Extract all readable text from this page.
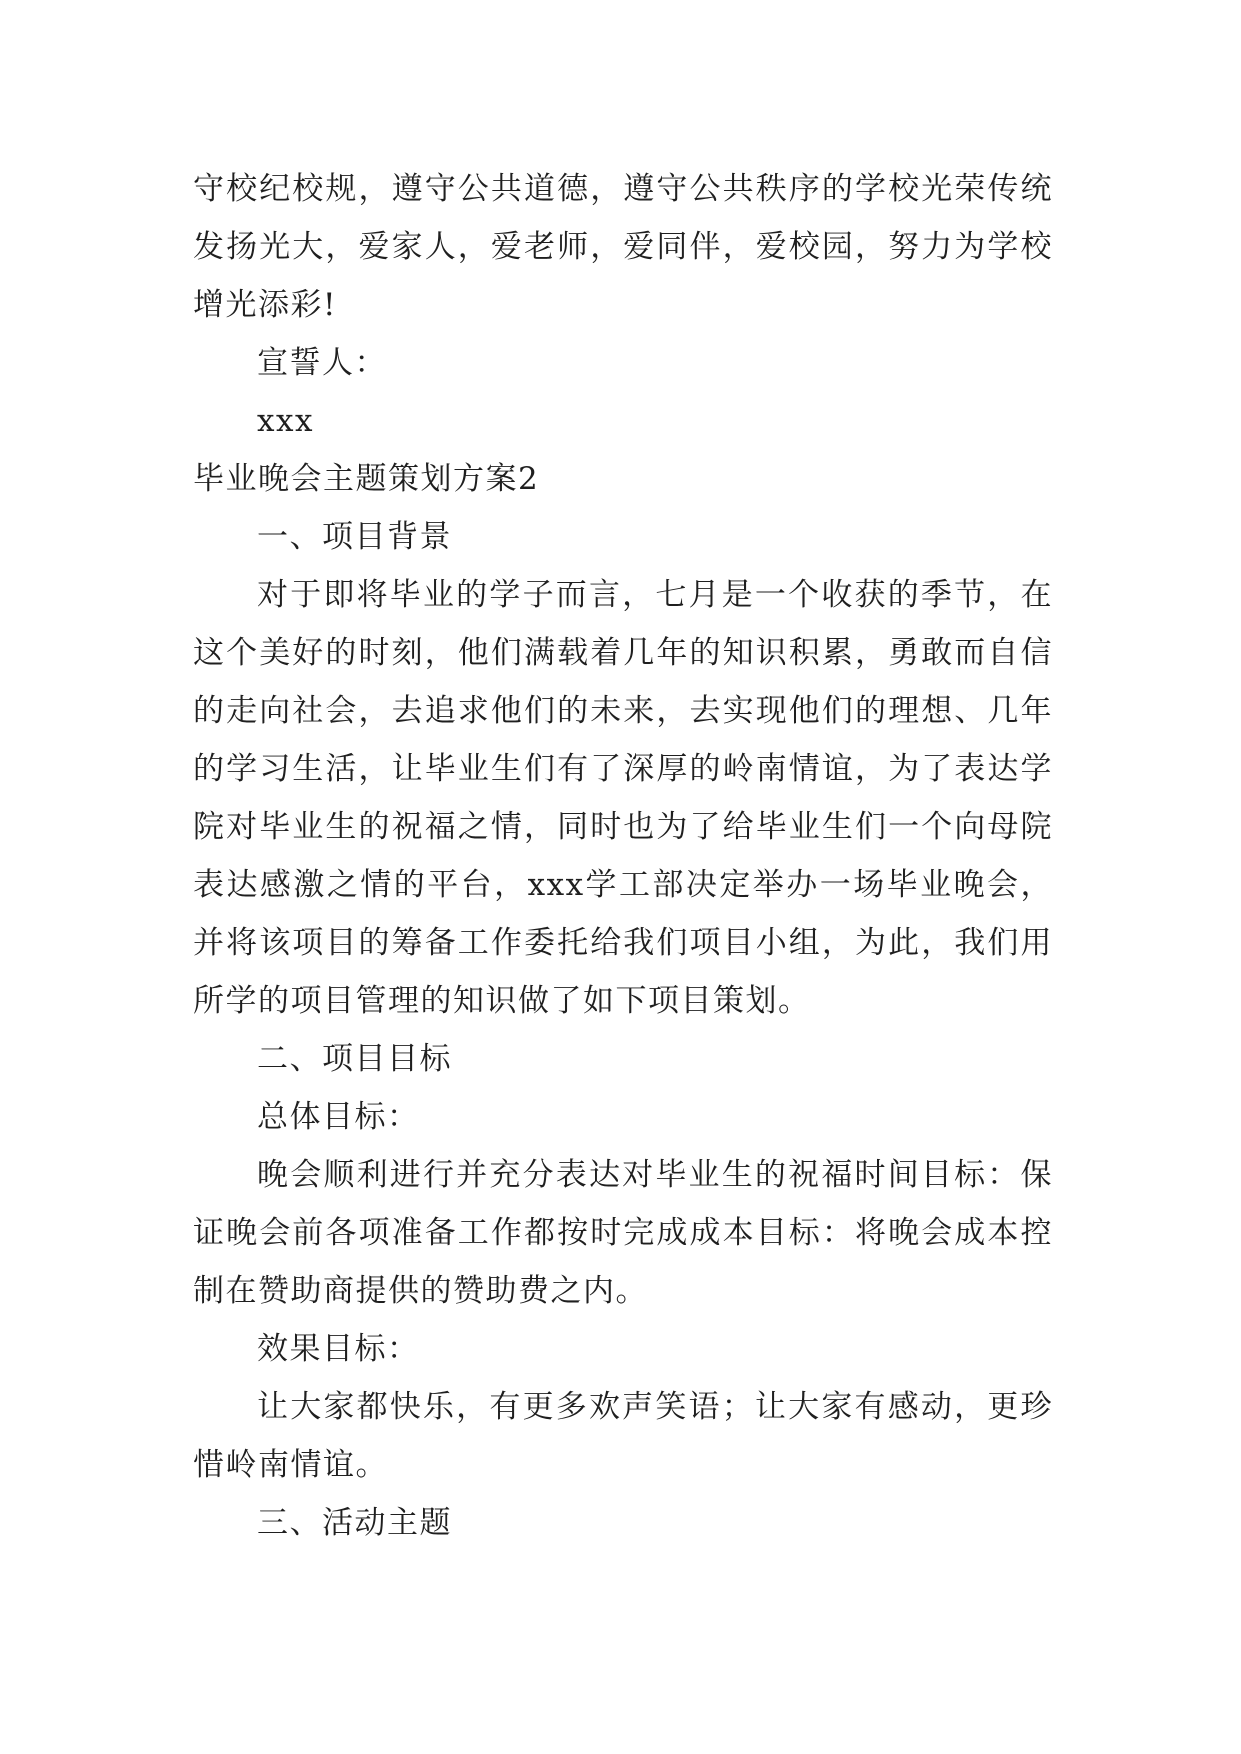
守校纪校规，遵守公共道德，遵守公共秩序的学校光荣传统发扬光大，爱家人，爱老师，爱同伴，爱校园，努力为学校增光添彩!

宣誓人：

xxx

毕业晚会主题策划方案2

一、项目背景

对于即将毕业的学子而言，七月是一个收获的季节，在这个美好的时刻，他们满载着几年的知识积累，勇敢而自信的走向社会，去追求他们的未来，去实现他们的理想、几年的学习生活，让毕业生们有了深厚的岭南情谊，为了表达学院对毕业生的祝福之情，同时也为了给毕业生们一个向母院表达感激之情的平台，xxx学工部决定举办一场毕业晚会，并将该项目的筹备工作委托给我们项目小组，为此，我们用所学的项目管理的知识做了如下项目策划。

二、项目目标

总体目标：

晚会顺利进行并充分表达对毕业生的祝福时间目标：保证晚会前各项准备工作都按时完成成本目标：将晚会成本控制在赞助商提供的赞助费之内。

效果目标：

让大家都快乐，有更多欢声笑语；让大家有感动，更珍惜岭南情谊。

三、活动主题
